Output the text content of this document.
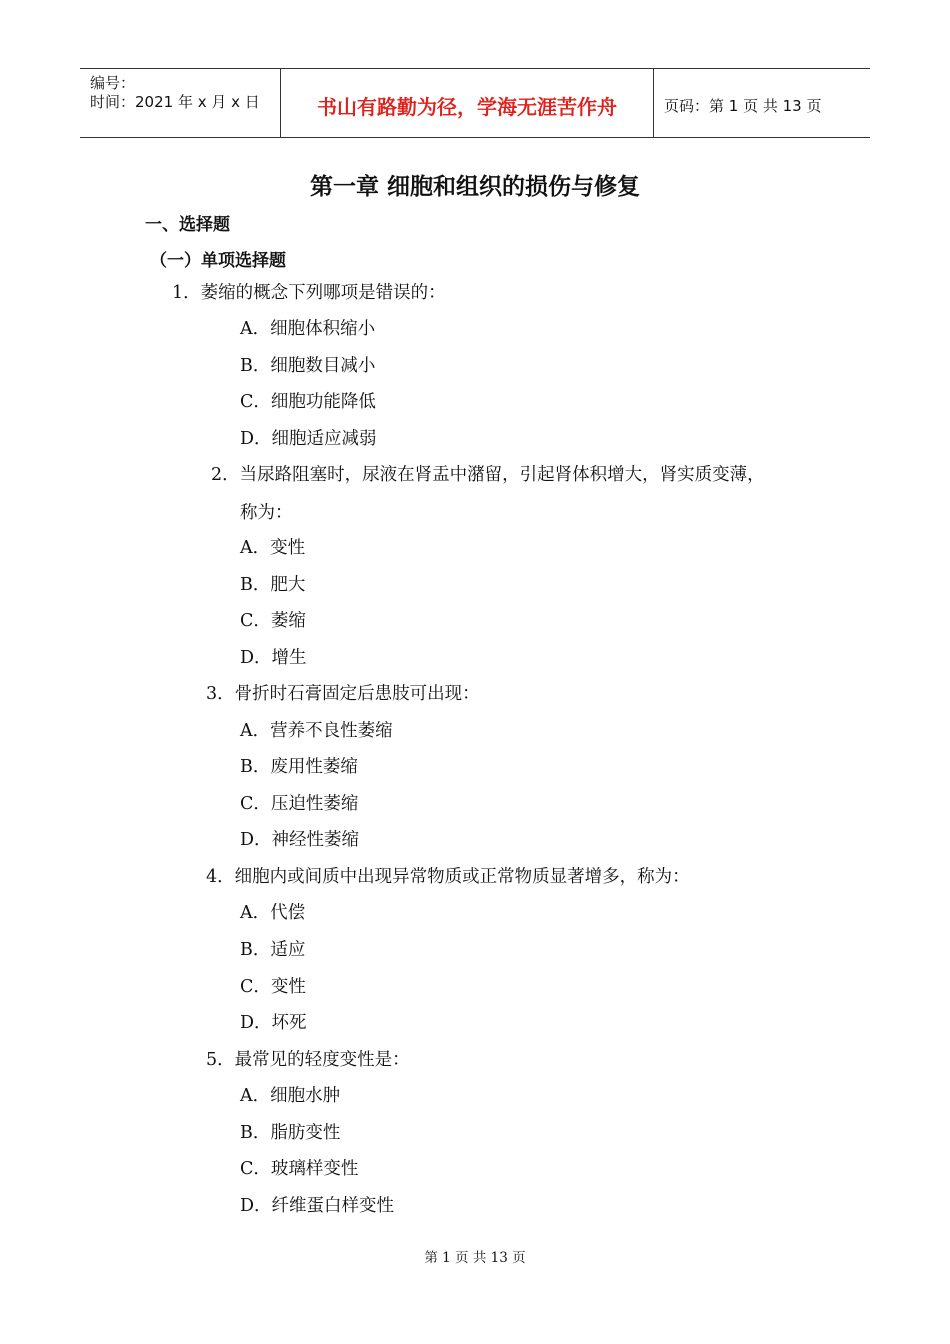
编号：
时间：2021 年 x 月 x 日	书山有路勤为径，学海无涯苦作舟	页码：第 1 页 共 13 页
第一章 细胞和组织的损伤与修复
一、选择题
（一）单项选择题
1．萎缩的概念下列哪项是错误的：
A．细胞体积缩小
B．细胞数目减小
C．细胞功能降低
D．细胞适应减弱
2．当尿路阻塞时，尿液在肾盂中潴留，引起肾体积增大，肾实质变薄，
称为：
A．变性
B．肥大
C．萎缩
D．增生
3．骨折时石膏固定后患肢可出现：
A．营养不良性萎缩
B．废用性萎缩
C．压迫性萎缩
D．神经性萎缩
4．细胞内或间质中出现异常物质或正常物质显著增多，称为：
A．代偿
B．适应
C．变性
D．坏死
5．最常见的轻度变性是：
A．细胞水肿
B．脂肪变性
C．玻璃样变性
D．纤维蛋白样变性
第 1 页 共 13 页
